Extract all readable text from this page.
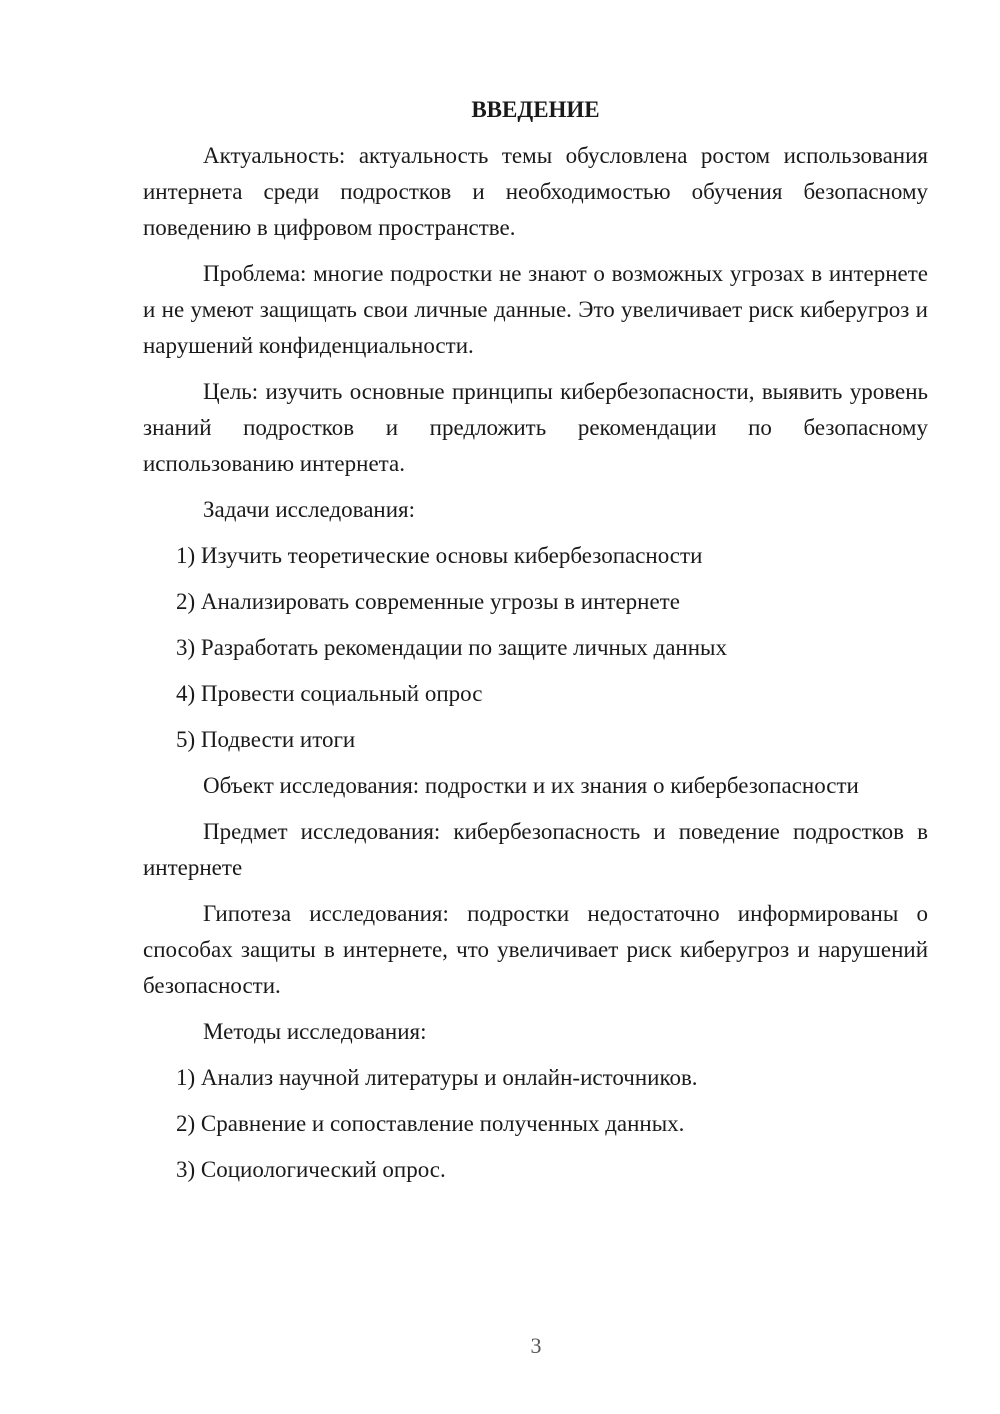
ВВЕДЕНИЕ

Актуальность: актуальность темы обусловлена ростом использования интернета среди подростков и необходимостью обучения безопасному поведению в цифровом пространстве.

Проблема: многие подростки не знают о возможных угрозах в интернете и не умеют защищать свои личные данные. Это увеличивает риск киберугроз и нарушений конфиденциальности.

Цель: изучить основные принципы кибербезопасности, выявить уровень знаний подростков и предложить рекомендации по безопасному использованию интернета.

Задачи исследования:

1) Изучить теоретические основы кибербезопасности
2) Анализировать современные угрозы в интернете
3) Разработать рекомендации по защите личных данных
4) Провести социальный опрос
5) Подвести итоги

Объект исследования: подростки и их знания о кибербезопасности

Предмет исследования: кибербезопасность и поведение подростков в интернете

Гипотеза исследования: подростки недостаточно информированы о способах защиты в интернете, что увеличивает риск киберугроз и нарушений безопасности.

Методы исследования:

1) Анализ научной литературы и онлайн-источников.
2) Сравнение и сопоставление полученных данных.
3) Социологический опрос.
3
